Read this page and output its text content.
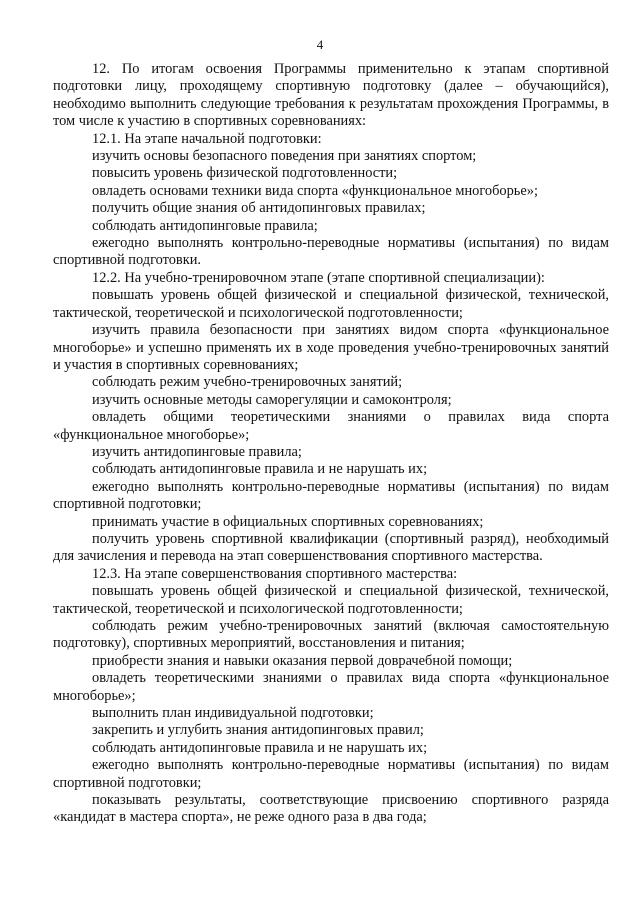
4

12. По итогам освоения Программы применительно к этапам спортивной подготовки лицу, проходящему спортивную подготовку (далее – обучающийся), необходимо выполнить следующие требования к результатам прохождения Программы, в том числе к участию в спортивных соревнованиях:

12.1. На этапе начальной подготовки:

изучить основы безопасного поведения при занятиях спортом;

повысить уровень физической подготовленности;

овладеть основами техники вида спорта «функциональное многоборье»;

получить общие знания об антидопинговых правилах;

соблюдать антидопинговые правила;

ежегодно выполнять контрольно-переводные нормативы (испытания) по видам спортивной подготовки.

12.2. На учебно-тренировочном этапе (этапе спортивной специализации):

повышать уровень общей физической и специальной физической, технической, тактической, теоретической и психологической подготовленности;

изучить правила безопасности при занятиях видом спорта «функциональное многоборье» и успешно применять их в ходе проведения учебно-тренировочных занятий и участия в спортивных соревнованиях;

соблюдать режим учебно-тренировочных занятий;

изучить основные методы саморегуляции и самоконтроля;

овладеть общими теоретическими знаниями о правилах вида спорта «функциональное многоборье»;

изучить антидопинговые правила;

соблюдать антидопинговые правила и не нарушать их;

ежегодно выполнять контрольно-переводные нормативы (испытания) по видам спортивной подготовки;

принимать участие в официальных спортивных соревнованиях;

получить уровень спортивной квалификации (спортивный разряд), необходимый для зачисления и перевода на этап совершенствования спортивного мастерства.

12.3. На этапе совершенствования спортивного мастерства:

повышать уровень общей физической и специальной физической, технической, тактической, теоретической и психологической подготовленности;

соблюдать режим учебно-тренировочных занятий (включая самостоятельную подготовку), спортивных мероприятий, восстановления и питания;

приобрести знания и навыки оказания первой доврачебной помощи;

овладеть теоретическими знаниями о правилах вида спорта «функциональное многоборье»;

выполнить план индивидуальной подготовки;

закрепить и углубить знания антидопинговых правил;

соблюдать антидопинговые правила и не нарушать их;

ежегодно выполнять контрольно-переводные нормативы (испытания) по видам спортивной подготовки;

показывать результаты, соответствующие присвоению спортивного разряда «кандидат в мастера спорта», не реже одного раза в два года;
